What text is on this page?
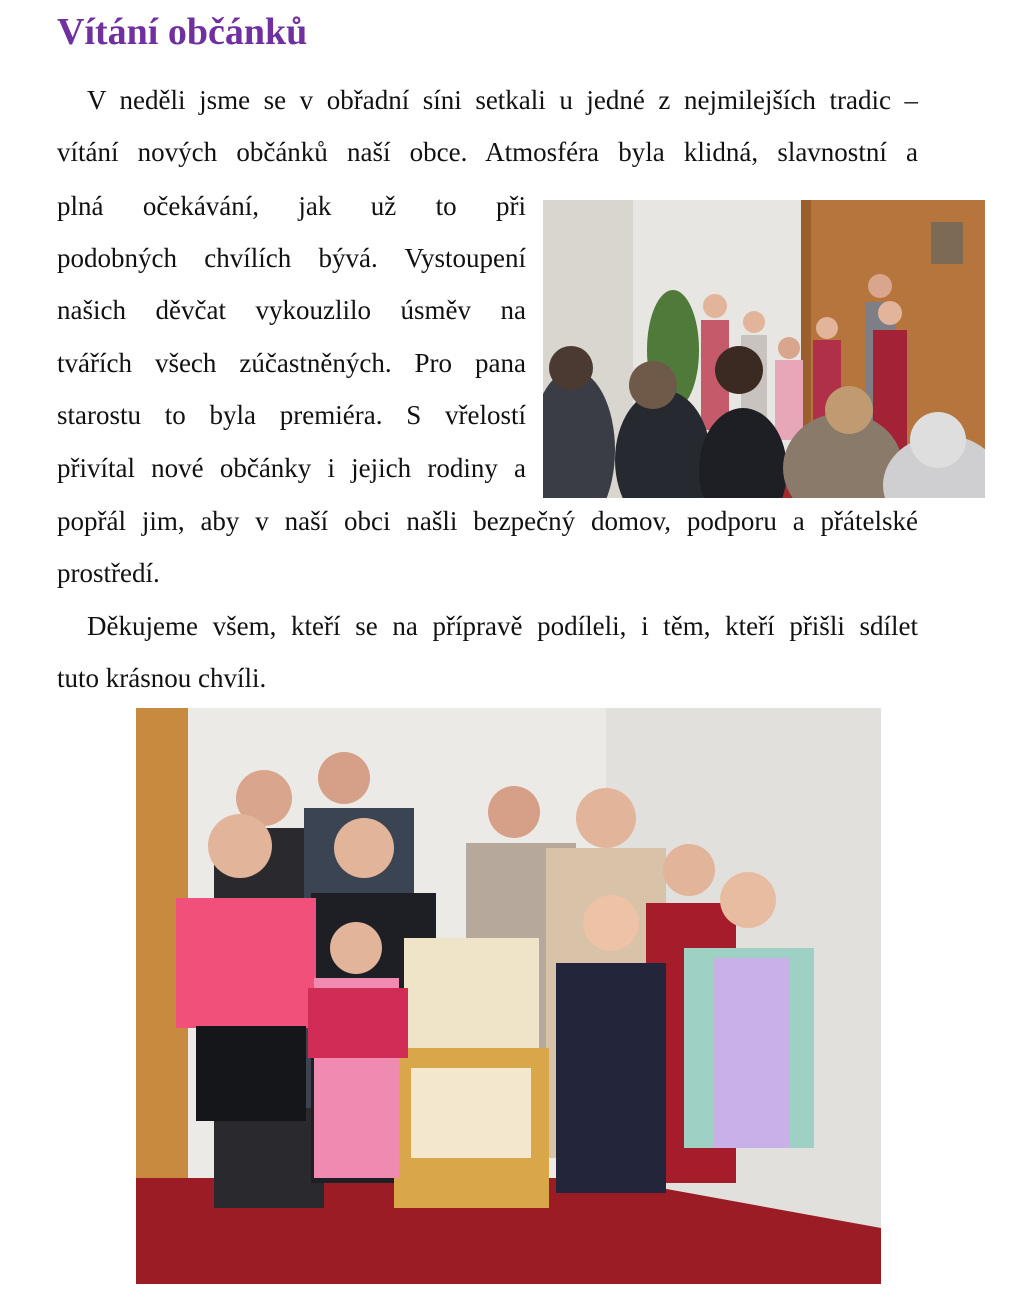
Vítání občánků

V neděli jsme se v obřadní síni setkali u jedné z nejmilejších tradic –

vítání nových občánků naší obce. Atmosféra byla klidná, slavnostní a

plná očekávání, jak už to při

podobných chvílích bývá. Vystoupení

našich děvčat vykouzlilo úsměv na

tvářích všech zúčastněných. Pro pana

starostu to byla premiéra. S vřelostí

přivítal nové občánky i jejich rodiny a

popřál jim, aby v naší obci našli bezpečný domov, podporu a přátelské

prostředí.

Děkujeme všem, kteří se na přípravě podíleli, i těm, kteří přišli sdílet

tuto krásnou chvíli.
